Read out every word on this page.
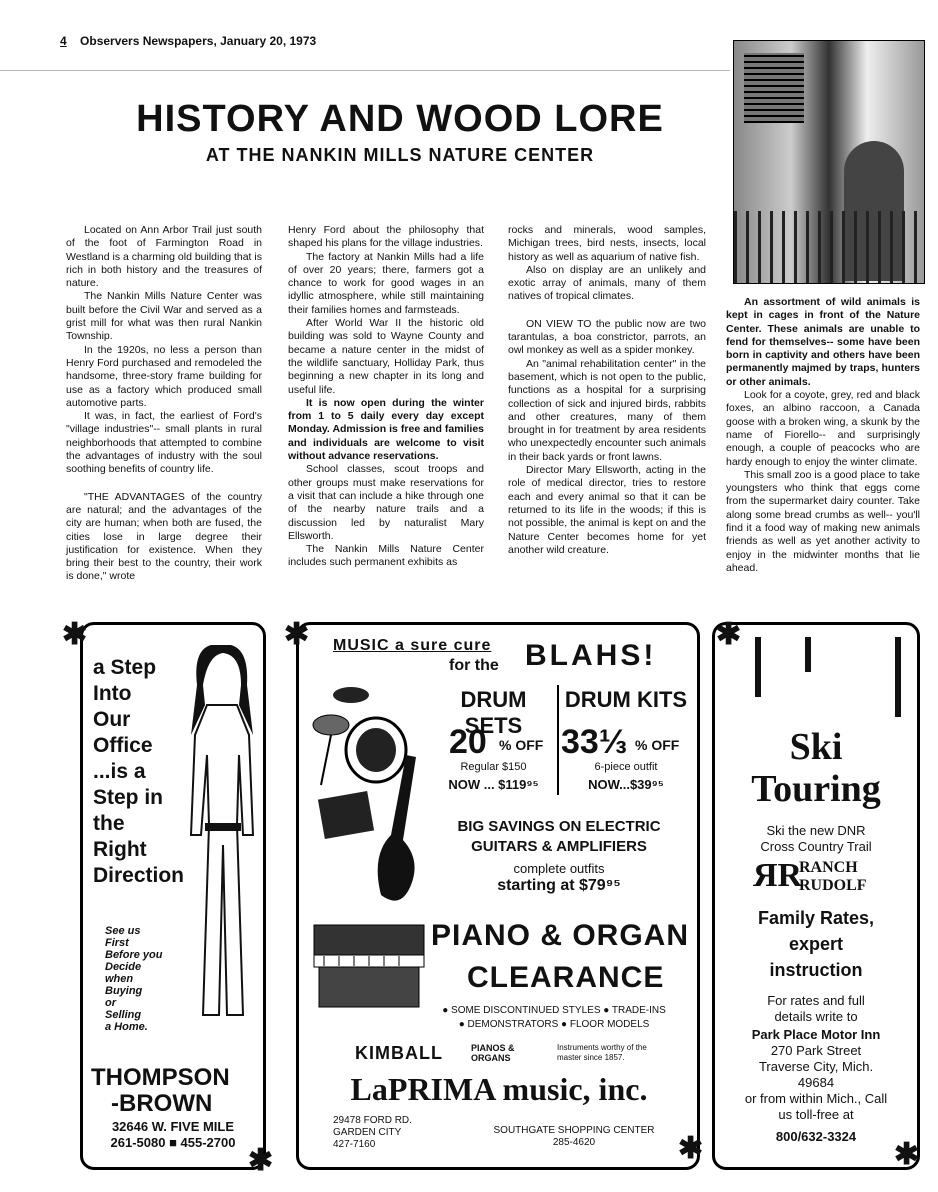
4 Observers Newspapers, January 20, 1973
HISTORY AND WOOD LORE
AT THE NANKIN MILLS NATURE CENTER

Located on Ann Arbor Trail just south of the foot of Farmington Road in Westland is a charming old building that is rich in both history and the treasures of nature.

The Nankin Mills Nature Center was built before the Civil War and served as a grist mill for what was then rural Nankin Township.

In the 1920s, no less a person than Henry Ford purchased and remodeled the handsome, three-story frame building for use as a factory which produced small automotive parts.

It was, in fact, the earliest of Ford's "village industries"-- small plants in rural neighborhoods that attempted to combine the advantages of industry with the soul soothing benefits of country life.

"THE ADVANTAGES of the country are natural; and the advantages of the city are human; when both are fused, the cities lose in large degree their justification for existence. When they bring their best to the country, their work is done," wrote

Henry Ford about the philosophy that shaped his plans for the village industries.

The factory at Nankin Mills had a life of over 20 years; there, farmers got a chance to work for good wages in an idyllic atmosphere, while still maintaining their families homes and farmsteads.

After World War II the historic old building was sold to Wayne County and became a nature center in the midst of the wildlife sanctuary, Holliday Park, thus beginning a new chapter in its long and useful life.

It is now open during the winter from 1 to 5 daily every day except Monday. Admission is free and families and individuals are welcome to visit without advance reservations.

School classes, scout troops and other groups must make reservations for a visit that can include a hike through one of the nearby nature trails and a discussion led by naturalist Mary Ellsworth.

The Nankin Mills Nature Center includes such permanent exhibits as

rocks and minerals, wood samples, Michigan trees, bird nests, insects, local history as well as aquarium of native fish.

Also on display are an unlikely and exotic array of animals, many of them natives of tropical climates.

ON VIEW TO the public now are two tarantulas, a boa constrictor, parrots, an owl monkey as well as a spider monkey.

An "animal rehabilitation center" in the basement, which is not open to the public, functions as a hospital for a surprising collection of sick and injured birds, rabbits and other creatures, many of them brought in for treatment by area residents who unexpectedly encounter such animals in their back yards or front lawns.

Director Mary Ellsworth, acting in the role of medical director, tries to restore each and every animal so that it can be returned to its life in the woods; if this is not possible, the animal is kept on and the Nature Center becomes home for yet another wild creature.

An assortment of wild animals is kept in cages in front of the Nature Center. These animals are unable to fend for themselves-- some have been born in captivity and others have been permanently majmed by traps, hunters or other animals.

Look for a coyote, grey, red and black foxes, an albino raccoon, a Canada goose with a broken wing, a skunk by the name of Fiorello-- and surprisingly enough, a couple of peacocks who are hardy enough to enjoy the winter climate.

This small zoo is a good place to take youngsters who think that eggs come from the supermarket dairy counter. Take along some bread crumbs as well-- you'll find it a food way of making new animals friends as well as yet another activity to enjoy in the midwinter months that lie ahead.

a Step
Into
Our
Office
...is a
Step in
the
Right
Direction
See us
First
Before you
Decide
when
Buying
or
Selling
a Home.
THOMPSON
-BROWN
32646 W. FIVE MILE
261-5080 ■ 455-2700
✱
✱
MUSIC a sure cure
for the BLAHS!
DRUM SETS
DRUM KITS
20 % OFF 33⅓ % OFF
Regular $150	6-piece outfit
NOW ... $119⁹⁵	NOW...$39⁹⁵
BIG SAVINGS ON ELECTRIC
GUITARS & AMPLIFIERS
complete outfits
starting at $79⁹⁵
PIANO & ORGAN
CLEARANCE
● SOME DISCONTINUED STYLES ● TRADE-INS
● DEMONSTRATORS ● FLOOR MODELS
KIMBALL	PIANOS & ORGANS
Instruments worthy of the master since 1857.
LaPRIMA music, inc.
29478 FORD RD.
GARDEN CITY
427-7160
SOUTHGATE SHOPPING CENTER
285-4620
✱
✱
Ski
Touring
Ski the new DNR
Cross Country Trail
ЯR
RANCH
RUDOLF
Family Rates,
expert
instruction
For rates and full
details write to
Park Place Motor Inn
270 Park Street
Traverse City, Mich.
49684
or from within Mich., Call
us toll-free at
800/632-3324
✱
✱
